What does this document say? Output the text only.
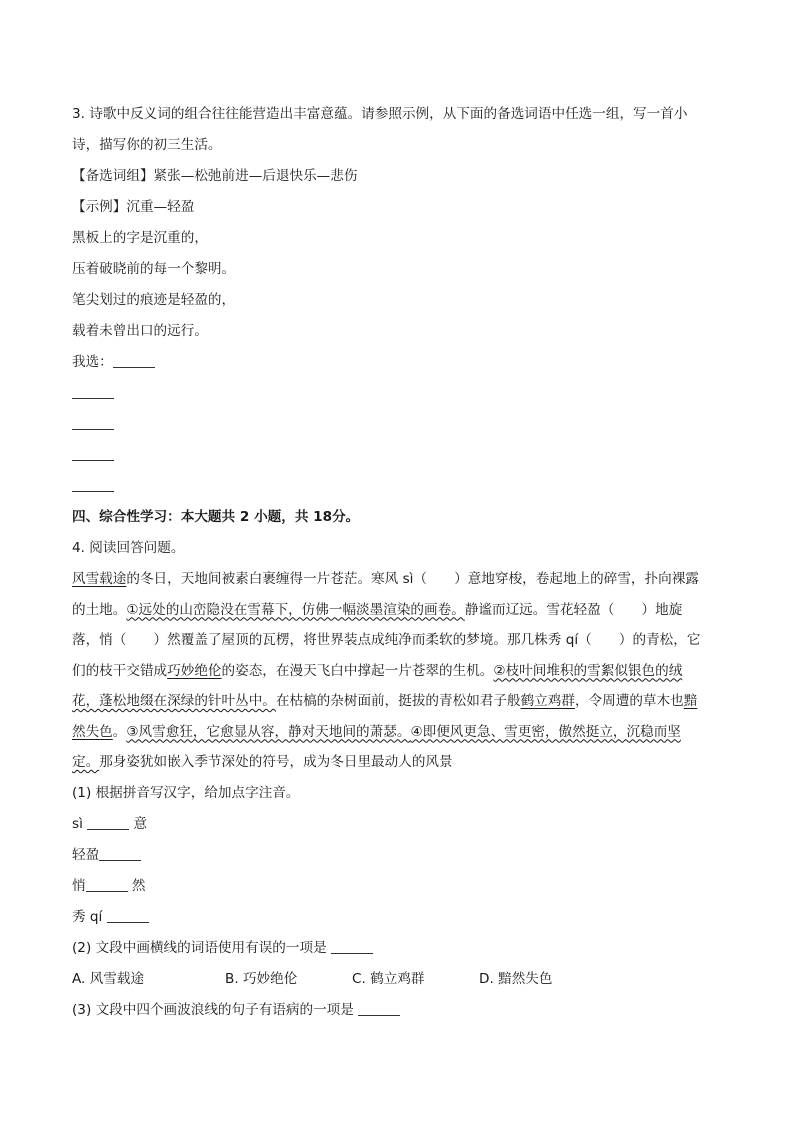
3. 诗歌中反义词的组合往往能营造出丰富意蕴。请参照示例，从下面的备选词语中任选一组，写一首小
诗，描写你的初三生活。
【备选词组】紧张—松弛前进—后退快乐—悲伤
【示例】沉重—轻盈
黑板上的字是沉重的，
压着破晓前的每一个黎明。
笔尖划过的痕迹是轻盈的，
载着未曾出口的远行。
我选：
四、综合性学习：本大题共 2 小题，共 18分。
4. 阅读回答问题。
风雪载途的冬日，天地间被素白裹缠得一片苍茫。寒风 sì（　　）意地穿梭，卷起地上的碎雪，扑向裸露
的土地。①远处的山峦隐没在雪幕下，仿佛一幅淡墨渲染的画卷。静谧而辽远。雪花轻盈（　　）地旋
落，悄（　　）然覆盖了屋顶的瓦楞，将世界装点成纯净而柔软的梦境。那几株秀 qí（　　）的青松，它
们的枝干交错成巧妙绝伦的姿态，在漫天飞白中撑起一片苍翠的生机。②枝叶间堆积的雪絮似银色的绒
花，蓬松地缀在深绿的针叶丛中。在枯槁的杂树面前，挺拔的青松如君子般鹤立鸡群，令周遭的草木也黯
然失色。③风雪愈狂，它愈显从容，静对天地间的萧瑟。④即便风更急、雪更密，傲然挺立，沉稳而坚
定。那身姿犹如嵌入季节深处的符号，成为冬日里最动人的风景
(1) 根据拼音写汉字，给加点字注音。
sì	意
轻盈
悄	然
秀 qí
(2) 文段中画横线的词语使用有误的一项是
A. 风雪载途	B. 巧妙绝伦	C. 鹤立鸡群	D. 黯然失色
(3) 文段中四个画波浪线的句子有语病的一项是
